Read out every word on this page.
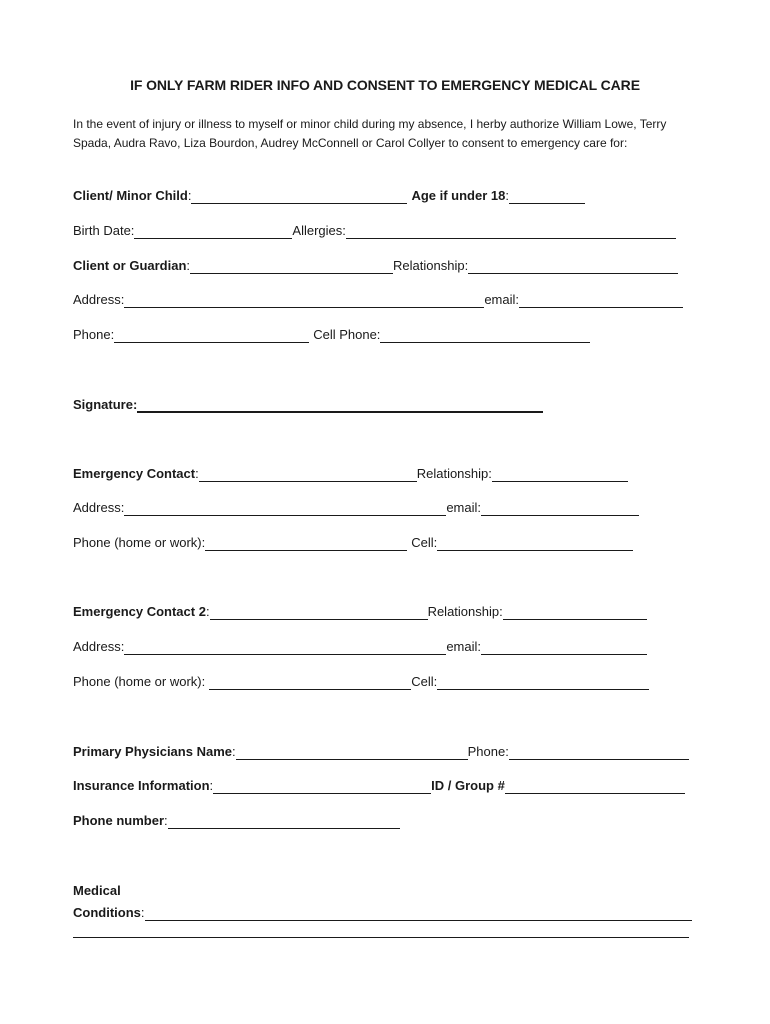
IF ONLY FARM RIDER INFO AND CONSENT TO EMERGENCY MEDICAL CARE
In the event of injury or illness to myself or minor child during my absence, I herby authorize William Lowe, Terry Spada, Audra Ravo, Liza Bourdon, Audrey McConnell or Carol Collyer to consent to emergency care for:
Client/ Minor Child :	Age if under 18 :
Birth Date:	Allergies:
Client or Guardian :	Relationship:
Address:	email:
Phone:	Cell Phone:
Signature:
Emergency Contact :	Relationship:
Address:	email:
Phone (home or work):	Cell:
Emergency Contact 2 :	Relationship:
Address:	email:
Phone (home or work):	Cell:
Primary Physicians Name :	Phone:
Insurance Information :	ID / Group #
Phone number :
Medical
Conditions :
